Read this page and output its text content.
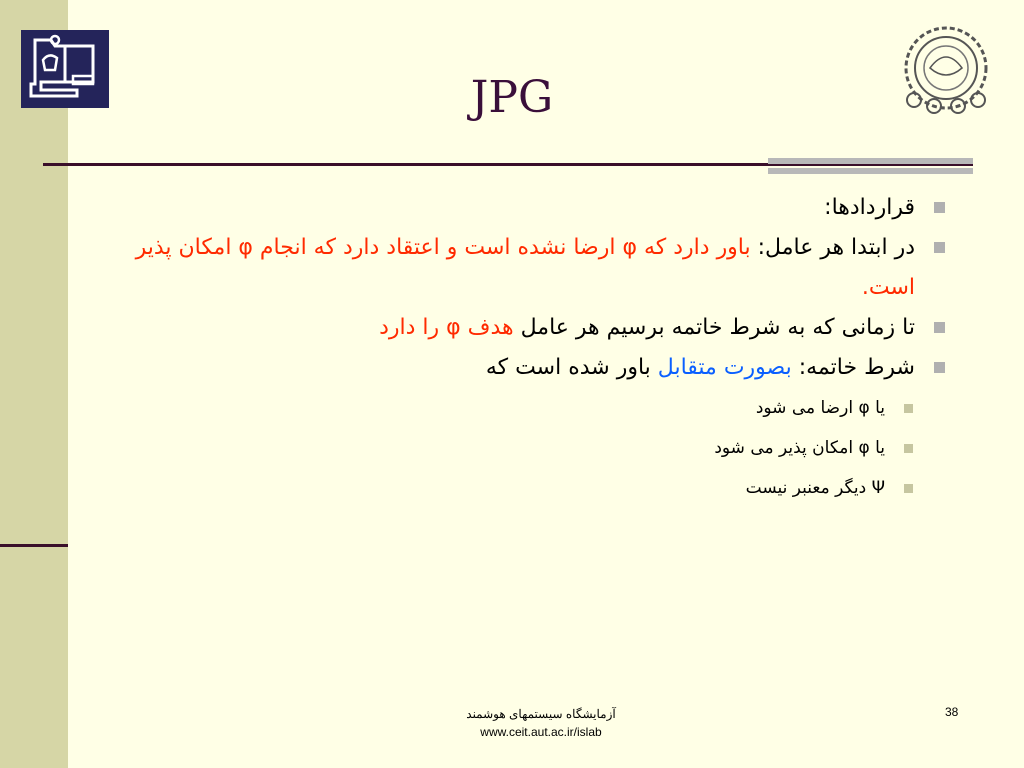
JPG
قراردادها:
در ابتدا هر عامل: باور دارد که φ ارضا نشده است و اعتقاد دارد که انجام φ امکان پذیر است.
تا زمانی که به شرط خاتمه برسیم هر عامل هدف φ را دارد
شرط خاتمه: بصورت متقابل باور شده است که
یا φ ارضا می شود
یا φ امکان پذیر می شود
Ψ دیگر معنبر نیست
آزمایشگاه سیستمهای هوشمند
www.ceit.aut.ac.ir/islab
38
